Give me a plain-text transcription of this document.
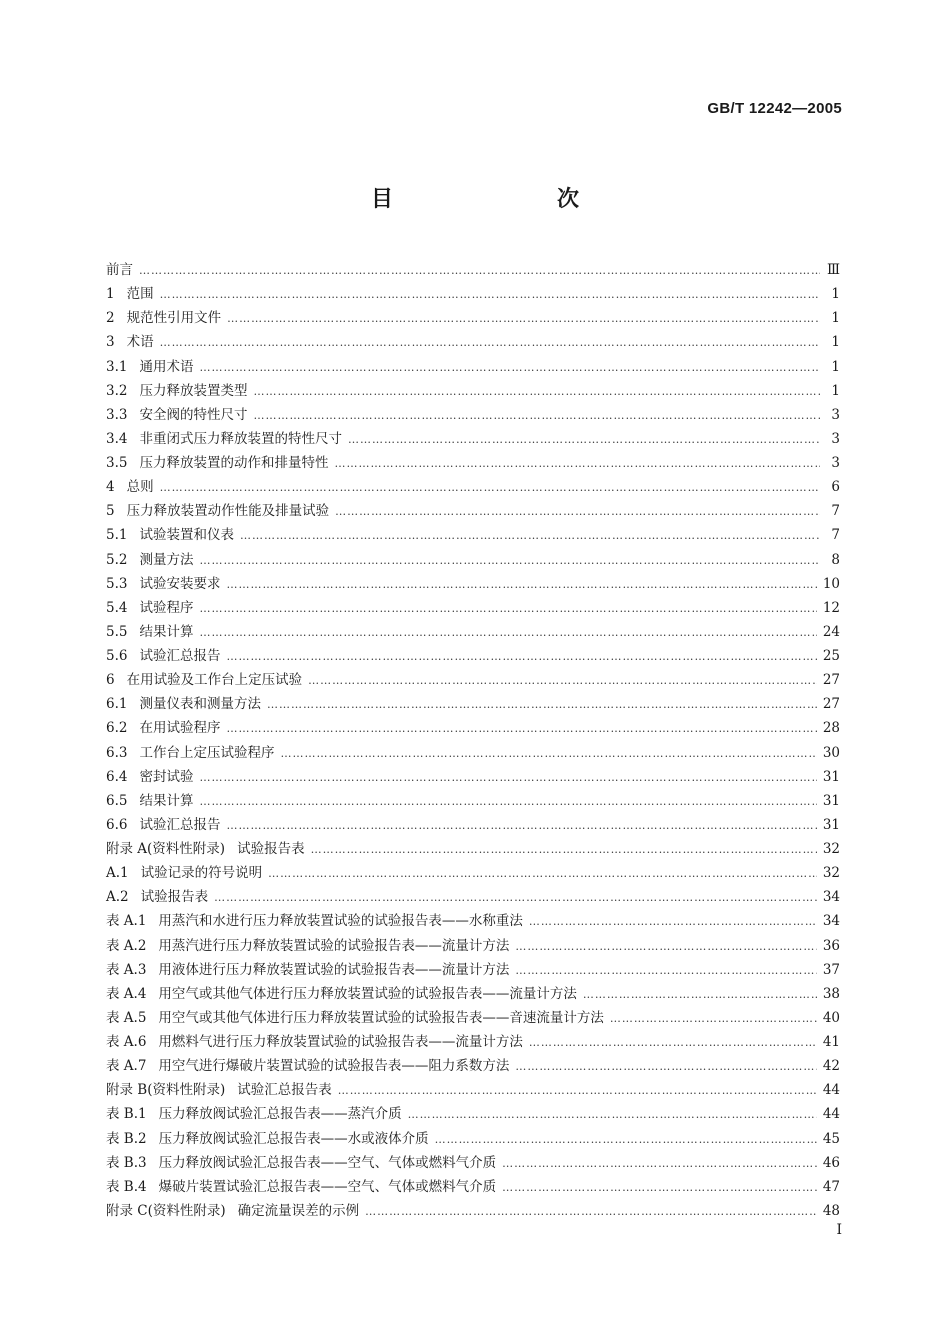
GB/T 12242—2005
目　　次
前言 ……………………………………………………………………………………………………………………………………………………………………………………………………………………………………	Ⅲ
1 范围 ……………………………………………………………………………………………………………………………………………………………………………………………………………………………………	1
2 规范性引用文件 ……………………………………………………………………………………………………………………………………………………………………………………………………………………………………	1
3 术语 ……………………………………………………………………………………………………………………………………………………………………………………………………………………………………	1
3.1 通用术语 ……………………………………………………………………………………………………………………………………………………………………………………………………………………………………	1
3.2 压力释放装置类型 ……………………………………………………………………………………………………………………………………………………………………………………………………………………………………	1
3.3 安全阀的特性尺寸 ……………………………………………………………………………………………………………………………………………………………………………………………………………………………………	3
3.4 非重闭式压力释放装置的特性尺寸 ……………………………………………………………………………………………………………………………………………………………………………………………………………………………………	3
3.5 压力释放装置的动作和排量特性 ……………………………………………………………………………………………………………………………………………………………………………………………………………………………………	3
4 总则 ……………………………………………………………………………………………………………………………………………………………………………………………………………………………………	6
5 压力释放装置动作性能及排量试验 ……………………………………………………………………………………………………………………………………………………………………………………………………………………………………	7
5.1 试验装置和仪表 ……………………………………………………………………………………………………………………………………………………………………………………………………………………………………	7
5.2 测量方法 ……………………………………………………………………………………………………………………………………………………………………………………………………………………………………	8
5.3 试验安装要求 ……………………………………………………………………………………………………………………………………………………………………………………………………………………………………	10
5.4 试验程序 ……………………………………………………………………………………………………………………………………………………………………………………………………………………………………	12
5.5 结果计算 ……………………………………………………………………………………………………………………………………………………………………………………………………………………………………	24
5.6 试验汇总报告 ……………………………………………………………………………………………………………………………………………………………………………………………………………………………………	25
6 在用试验及工作台上定压试验 ……………………………………………………………………………………………………………………………………………………………………………………………………………………………………	27
6.1 测量仪表和测量方法 ……………………………………………………………………………………………………………………………………………………………………………………………………………………………………	27
6.2 在用试验程序 ……………………………………………………………………………………………………………………………………………………………………………………………………………………………………	28
6.3 工作台上定压试验程序 ……………………………………………………………………………………………………………………………………………………………………………………………………………………………………	30
6.4 密封试验 ……………………………………………………………………………………………………………………………………………………………………………………………………………………………………	31
6.5 结果计算 ……………………………………………………………………………………………………………………………………………………………………………………………………………………………………	31
6.6 试验汇总报告 ……………………………………………………………………………………………………………………………………………………………………………………………………………………………………	31
附录 A(资料性附录) 试验报告表 ……………………………………………………………………………………………………………………………………………………………………………………………………………………………………	32
A.1 试验记录的符号说明 ……………………………………………………………………………………………………………………………………………………………………………………………………………………………………	32
A.2 试验报告表 ……………………………………………………………………………………………………………………………………………………………………………………………………………………………………	34
表 A.1 用蒸汽和水进行压力释放装置试验的试验报告表——水称重法 ……………………………………………………………………………………………………………………………………………………………………………………………………………………………………	34
表 A.2 用蒸汽进行压力释放装置试验的试验报告表——流量计方法 ……………………………………………………………………………………………………………………………………………………………………………………………………………………………………	36
表 A.3 用液体进行压力释放装置试验的试验报告表——流量计方法 ……………………………………………………………………………………………………………………………………………………………………………………………………………………………………	37
表 A.4 用空气或其他气体进行压力释放装置试验的试验报告表——流量计方法 ……………………………………………………………………………………………………………………………………………………………………………………………………………………………………	38
表 A.5 用空气或其他气体进行压力释放装置试验的试验报告表——音速流量计方法 ……………………………………………………………………………………………………………………………………………………………………………………………………………………………………	40
表 A.6 用燃料气进行压力释放装置试验的试验报告表——流量计方法 ……………………………………………………………………………………………………………………………………………………………………………………………………………………………………	41
表 A.7 用空气进行爆破片装置试验的试验报告表——阻力系数方法 ……………………………………………………………………………………………………………………………………………………………………………………………………………………………………	42
附录 B(资料性附录) 试验汇总报告表 ……………………………………………………………………………………………………………………………………………………………………………………………………………………………………	44
表 B.1 压力释放阀试验汇总报告表——蒸汽介质 ……………………………………………………………………………………………………………………………………………………………………………………………………………………………………	44
表 B.2 压力释放阀试验汇总报告表——水或液体介质 ……………………………………………………………………………………………………………………………………………………………………………………………………………………………………	45
表 B.3 压力释放阀试验汇总报告表——空气、气体或燃料气介质 ……………………………………………………………………………………………………………………………………………………………………………………………………………………………………	46
表 B.4 爆破片装置试验汇总报告表——空气、气体或燃料气介质 ……………………………………………………………………………………………………………………………………………………………………………………………………………………………………	47
附录 C(资料性附录) 确定流量误差的示例 ……………………………………………………………………………………………………………………………………………………………………………………………………………………………………	48
I
